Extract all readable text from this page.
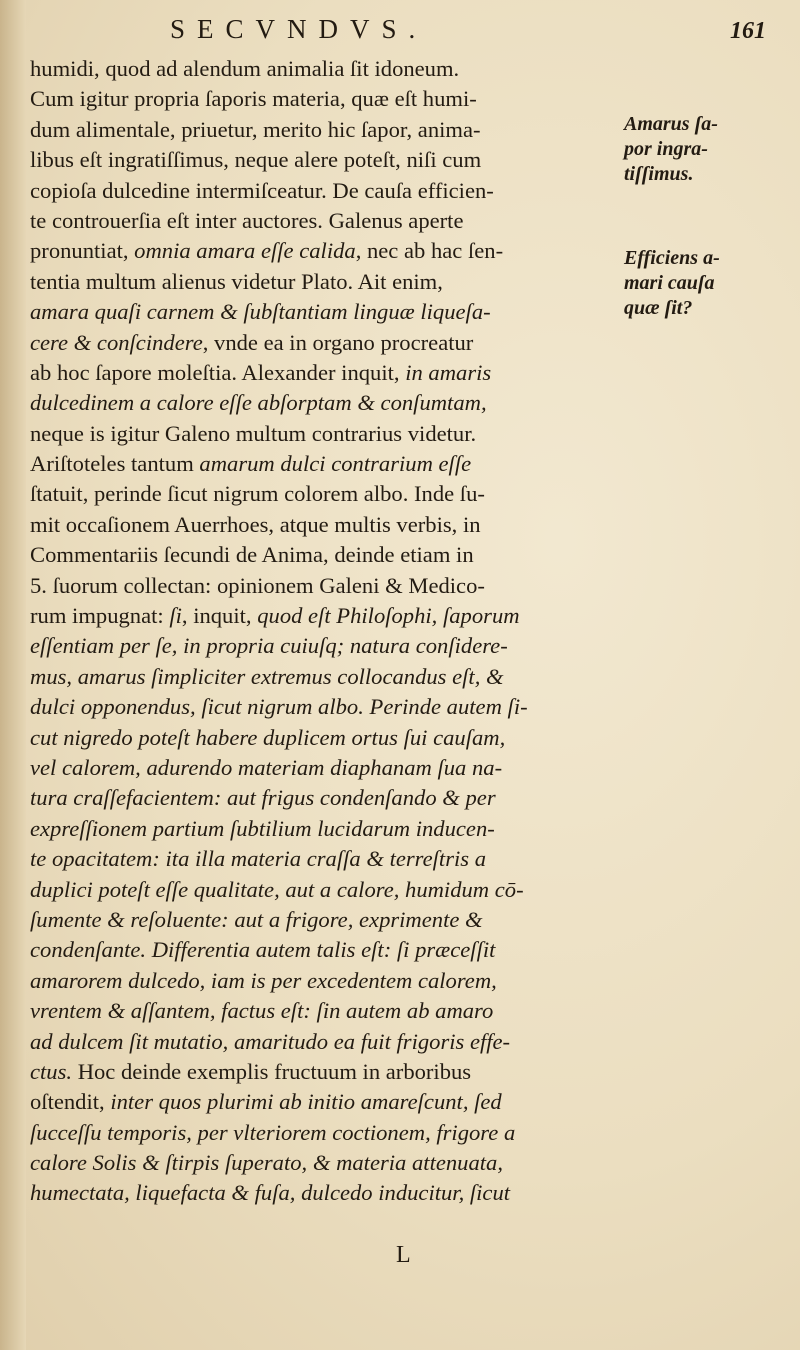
SECVNDVS.	161
humidi, quod ad alendum animalia ſit idoneum.
Cum igitur propria ſaporis materia, quæ eſt humi-
dum alimentale, priuetur, merito hic ſapor, anima-
libus eſt ingratiſſimus, neque alere poteſt, niſi cum
copioſa dulcedine intermiſceatur. De cauſa efficien-
te controuerſia eſt inter auctores. Galenus aperte
pronuntiat, omnia amara eſſe calida, nec ab hac ſen-
tentia multum alienus videtur Plato. Ait enim,
amara quaſi carnem & ſubſtantiam linguæ liqueſa-
cere & conſcindere, vnde ea in organo procreatur
ab hoc ſapore moleſtia. Alexander inquit, in amaris
dulcedinem a calore eſſe abſorptam & conſumtam,
neque is igitur Galeno multum contrarius videtur.
Ariſtoteles tantum amarum dulci contrarium eſſe
ſtatuit, perinde ſicut nigrum colorem albo. Inde ſu-
mit occaſionem Auerrhoes, atque multis verbis, in
Commentariis ſecundi de Anima, deinde etiam in
5. ſuorum collectan: opinionem Galeni & Medico-
rum impugnat: ſi, inquit, quod eſt Philoſophi, ſaporum
eſſentiam per ſe, in propria cuiuſq; natura conſidere-
mus, amarus ſimpliciter extremus collocandus eſt, &
dulci opponendus, ſicut nigrum albo. Perinde autem ſi-
cut nigredo poteſt habere duplicem ortus ſui cauſam,
vel calorem, adurendo materiam diaphanam ſua na-
tura craſſefacientem: aut frigus condenſando & per
expreſſionem partium ſubtilium lucidarum inducen-
te opacitatem: ita illa materia craſſa & terreſtris a
duplici poteſt eſſe qualitate, aut a calore, humidum cō-
ſumente & reſoluente: aut a frigore, exprimente &
condenſante. Differentia autem talis eſt: ſi præceſſit
amarorem dulcedo, iam is per excedentem calorem,
vrentem & aſſantem, factus eſt: ſin autem ab amaro
ad dulcem ſit mutatio, amaritudo ea fuit frigoris effe-
ctus. Hoc deinde exemplis fructuum in arboribus
oſtendit, inter quos plurimi ab initio amareſcunt, ſed
ſucceſſu temporis, per vlteriorem coctionem, frigore a
calore Solis & ſtirpis ſuperato, & materia attenuata,
humectata, liquefacta & fuſa, dulcedo inducitur, ſicut
Amarus ſa-
por ingra-
tiſſimus.
Efficiens a-
mari cauſa
quæ ſit?
L
